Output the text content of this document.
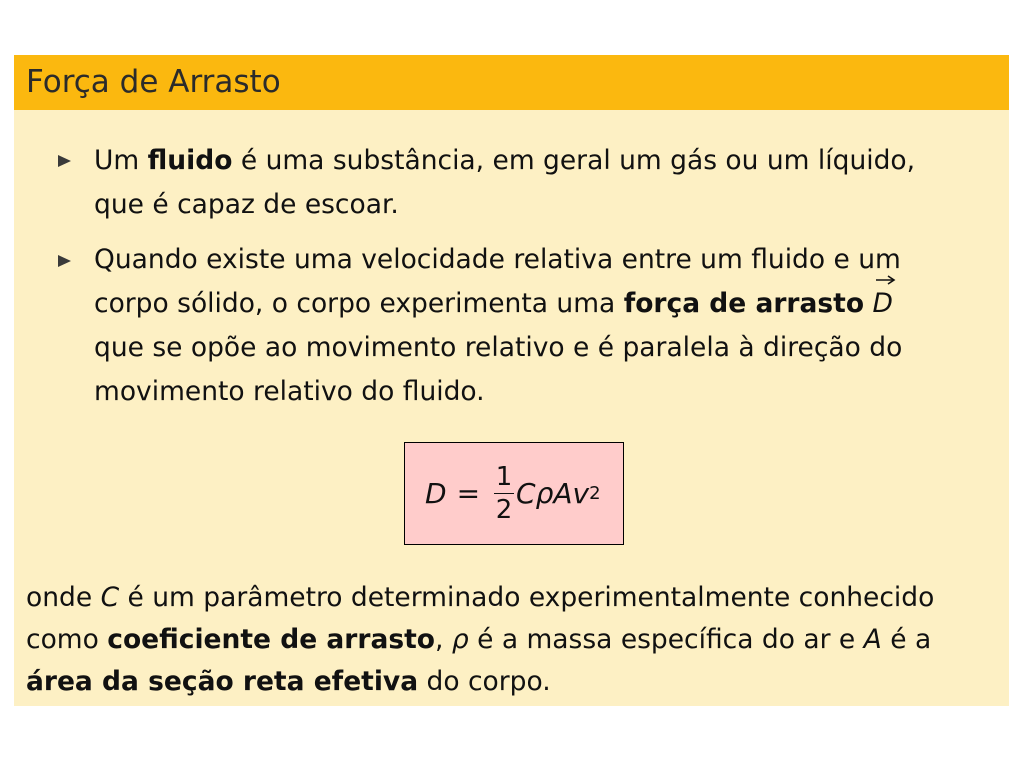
Força de Arrasto
Um fluido é uma substância, em geral um gás ou um líquido,
que é capaz de escoar.
Quando existe uma velocidade relativa entre um fluido e um
corpo sólido, o corpo experimenta uma força de arrasto D
que se opõe ao movimento relativo e é paralela à direção do
movimento relativo do fluido.
$D = \frac{1}{2}$ CρAv 2
onde C é um parâmetro determinado experimentalmente conhecido
como coeficiente de arrasto, ρ é a massa específica do ar e A é a
área da seção reta efetiva do corpo.
